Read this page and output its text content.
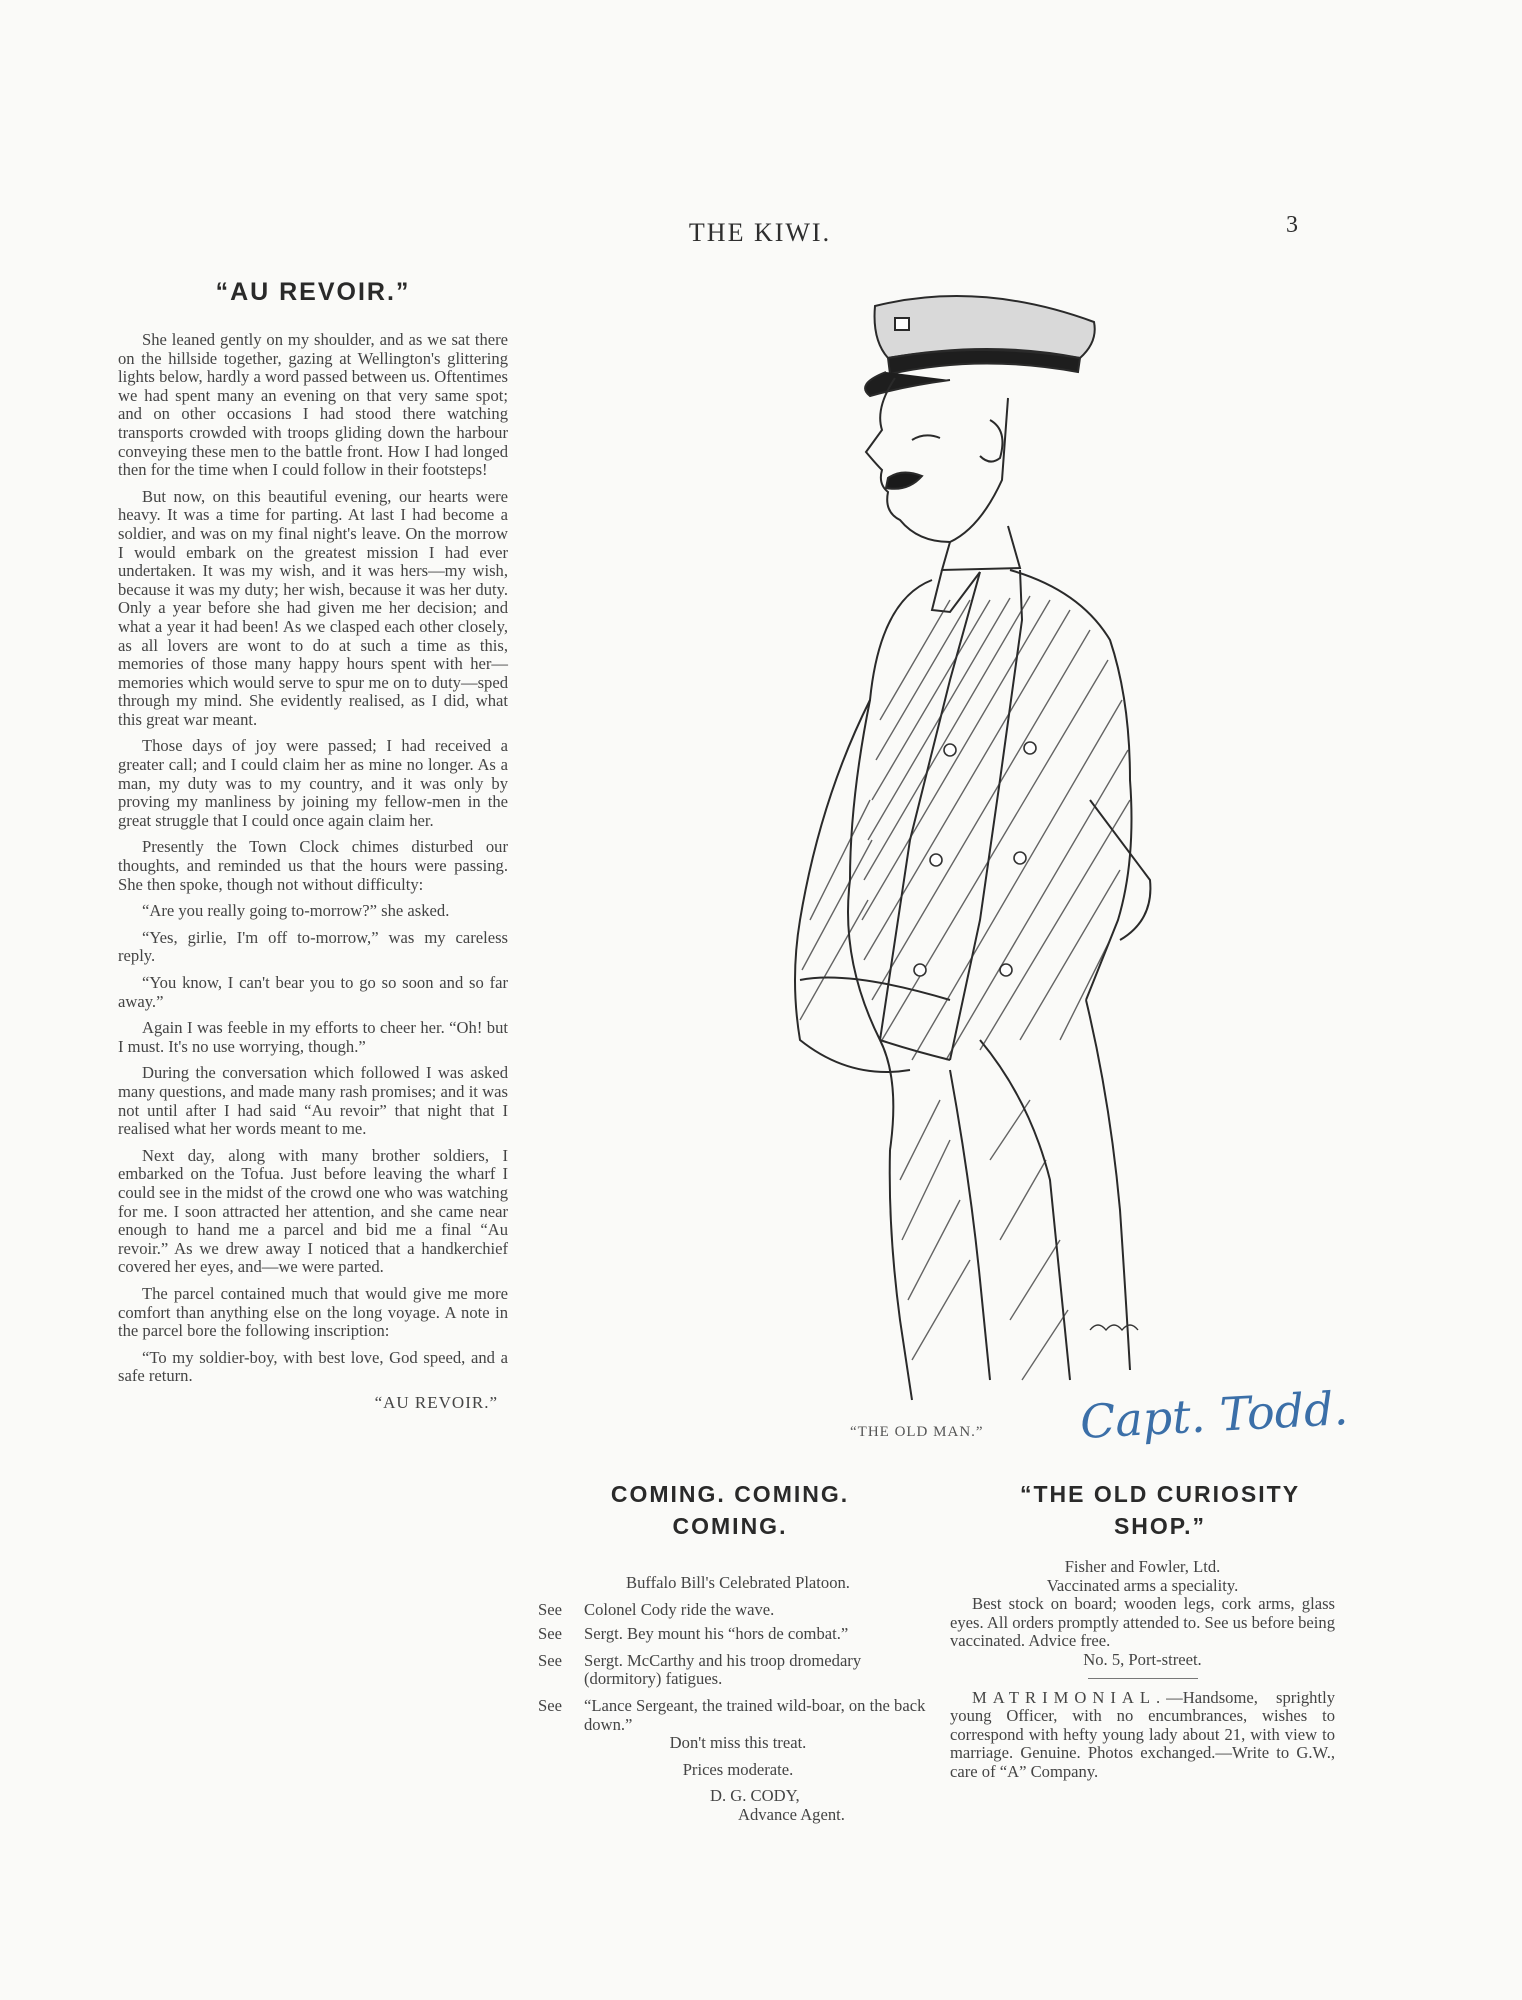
THE KIWI.	3
“AU REVOIR.”

She leaned gently on my shoulder, and as we sat there on the hillside together, gazing at Wellington's glittering lights below, hardly a word passed between us. Oftentimes we had spent many an evening on that very same spot; and on other occasions I had stood there watching transports crowded with troops gliding down the harbour conveying these men to the battle front. How I had longed then for the time when I could follow in their footsteps!

But now, on this beautiful evening, our hearts were heavy. It was a time for parting. At last I had become a soldier, and was on my final night's leave. On the morrow I would embark on the greatest mission I had ever undertaken. It was my wish, and it was hers—my wish, because it was my duty; her wish, because it was her duty. Only a year before she had given me her decision; and what a year it had been! As we clasped each other closely, as all lovers are wont to do at such a time as this, memories of those many happy hours spent with her—memories which would serve to spur me on to duty—sped through my mind. She evidently realised, as I did, what this great war meant.

Those days of joy were passed; I had received a greater call; and I could claim her as mine no longer. As a man, my duty was to my country, and it was only by proving my manliness by joining my fellow-men in the great struggle that I could once again claim her.

Presently the Town Clock chimes disturbed our thoughts, and reminded us that the hours were passing. She then spoke, though not without difficulty:

“Are you really going to-morrow?” she asked.

“Yes, girlie, I'm off to-morrow,” was my careless reply.

“You know, I can't bear you to go so soon and so far away.”

Again I was feeble in my efforts to cheer her. “Oh! but I must. It's no use worrying, though.”

During the conversation which followed I was asked many questions, and made many rash promises; and it was not until after I had said “Au revoir” that night that I realised what her words meant to me.

Next day, along with many brother soldiers, I embarked on the Tofua. Just before leaving the wharf I could see in the midst of the crowd one who was watching for me. I soon attracted her attention, and she came near enough to hand me a parcel and bid me a final “Au revoir.” As we drew away I noticed that a handkerchief covered her eyes, and—we were parted.

The parcel contained much that would give me more comfort than anything else on the long voyage. A note in the parcel bore the following inscription:

“To my soldier-boy, with best love, God speed, and a safe return.

“AU REVOIR.”

“THE OLD MAN.” Capt. Todd.
COMING. COMING.
COMING.
“THE OLD CURIOSITY
SHOP.”

Buffalo Bill's Celebrated Platoon.

See	Colonel Cody ride the wave.
See	Sergt. Bey mount his “hors de combat.”
See	Sergt. McCarthy and his troop dromedary (dormitory) fatigues.
See	“Lance Sergeant, the trained wild-boar, on the back down.”

Don't miss this treat.

Prices moderate.

D. G. CODY,

Advance Agent.

Fisher and Fowler, Ltd.

Vaccinated arms a speciality.

Best stock on board; wooden legs, cork arms, glass eyes. All orders promptly attended to. See us before being vaccinated. Advice free.

No. 5, Port-street.

MATRIMONIAL.—Handsome, sprightly young Officer, with no encumbrances, wishes to correspond with hefty young lady about 21, with view to marriage. Genuine. Photos exchanged.—Write to G.W., care of “A” Company.
